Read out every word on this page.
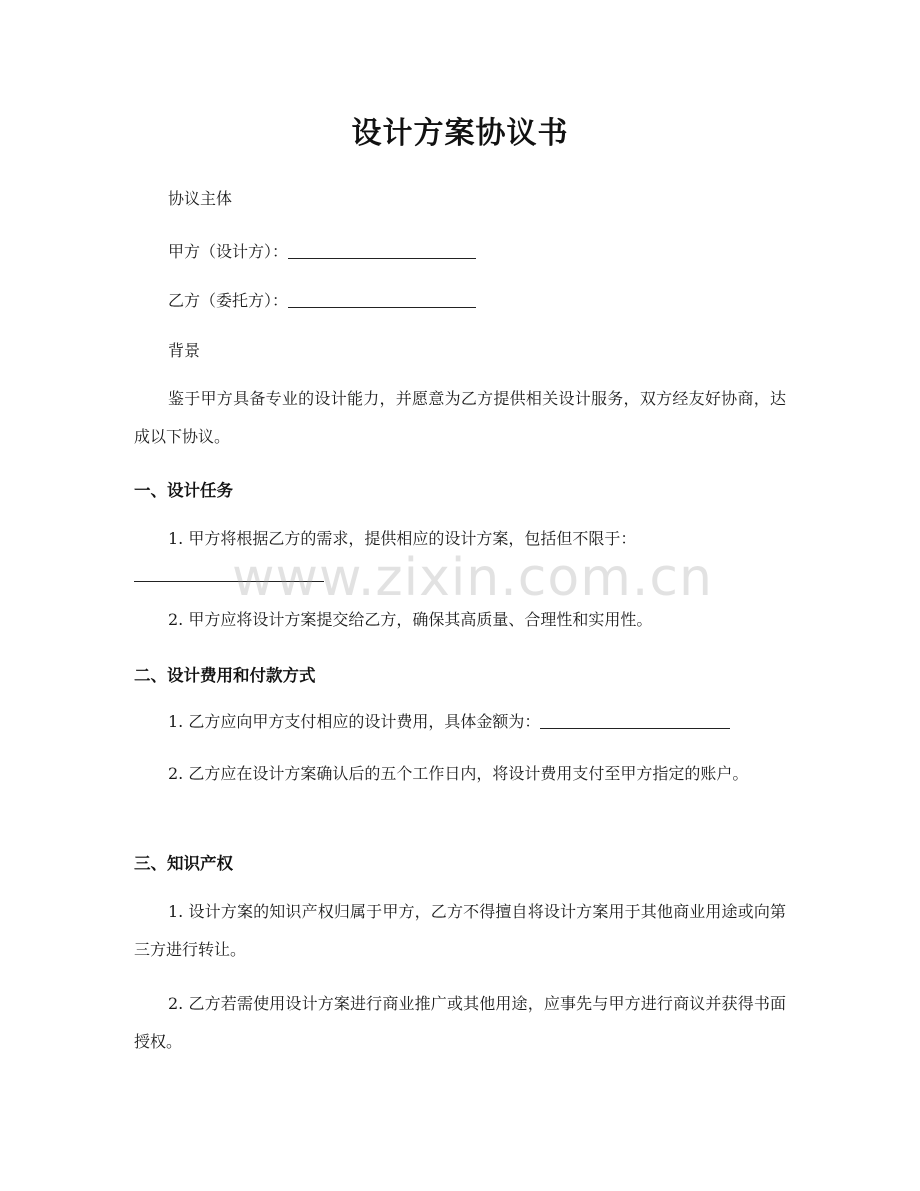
设计方案协议书
协议主体
甲方（设计方）：
乙方（委托方）：
背景
鉴于甲方具备专业的设计能力，并愿意为乙方提供相关设计服务，双方经友好协商，达成以下协议。
一、设计任务
1. 甲方将根据乙方的需求，提供相应的设计方案，包括但不限于：
2. 甲方应将设计方案提交给乙方，确保其高质量、合理性和实用性。
二、设计费用和付款方式
1. 乙方应向甲方支付相应的设计费用，具体金额为：
2. 乙方应在设计方案确认后的五个工作日内，将设计费用支付至甲方指定的账户。
三、知识产权
1. 设计方案的知识产权归属于甲方，乙方不得擅自将设计方案用于其他商业用途或向第三方进行转让。
2. 乙方若需使用设计方案进行商业推广或其他用途，应事先与甲方进行商议并获得书面授权。
www.zixin.com.cn
